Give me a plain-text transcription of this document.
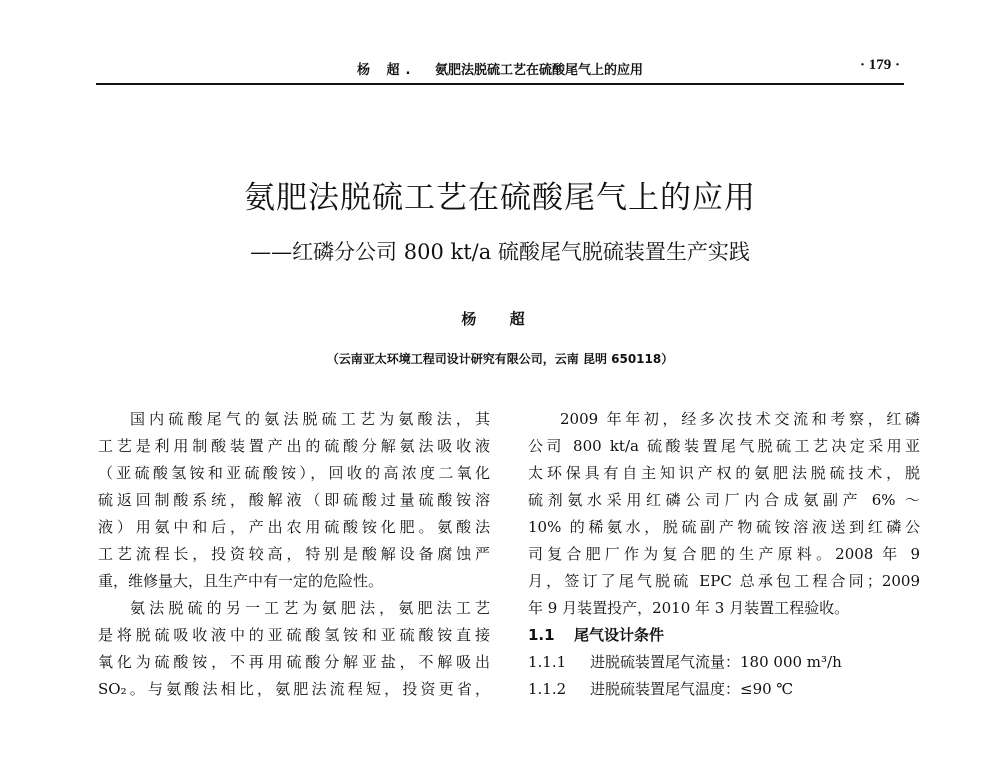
杨 超. 氨肥法脱硫工艺在硫酸尾气上的应用	· 179 ·
氨肥法脱硫工艺在硫酸尾气上的应用
——红磷分公司 800 kt/a 硫酸尾气脱硫装置生产实践
杨 超
（云南亚太环境工程司设计研究有限公司，云南 昆明 650118）
国内硫酸尾气的氨法脱硫工艺为氨酸法，其
工艺是利用制酸装置产出的硫酸分解氨法吸收液
（亚硫酸氢铵和亚硫酸铵），回收的高浓度二氧化
硫返回制酸系统，酸解液（即硫酸过量硫酸铵溶
液）用氨中和后，产出农用硫酸铵化肥。氨酸法
工艺流程长，投资较高，特别是酸解设备腐蚀严
重，维修量大，且生产中有一定的危险性。
氨法脱硫的另一工艺为氨肥法，氨肥法工艺
是将脱硫吸收液中的亚硫酸氢铵和亚硫酸铵直接
氧化为硫酸铵，不再用硫酸分解亚盐，不解吸出
SO₂。与氨酸法相比，氨肥法流程短，投资更省，
2009 年年初，经多次技术交流和考察，红磷
公司 800 kt/a 硫酸装置尾气脱硫工艺决定采用亚
太环保具有自主知识产权的氨肥法脱硫技术，脱
硫剂氨水采用红磷公司厂内合成氨副产 6% ～
10% 的稀氨水，脱硫副产物硫铵溶液送到红磷公
司复合肥厂作为复合肥的生产原料。2008 年 9
月，签订了尾气脱硫 EPC 总承包工程合同；2009
年 9 月装置投产，2010 年 3 月装置工程验收。
1.1 尾气设计条件
1.1.1 进脱硫装置尾气流量：180 000 m³/h
1.1.2 进脱硫装置尾气温度：≤90 ℃
